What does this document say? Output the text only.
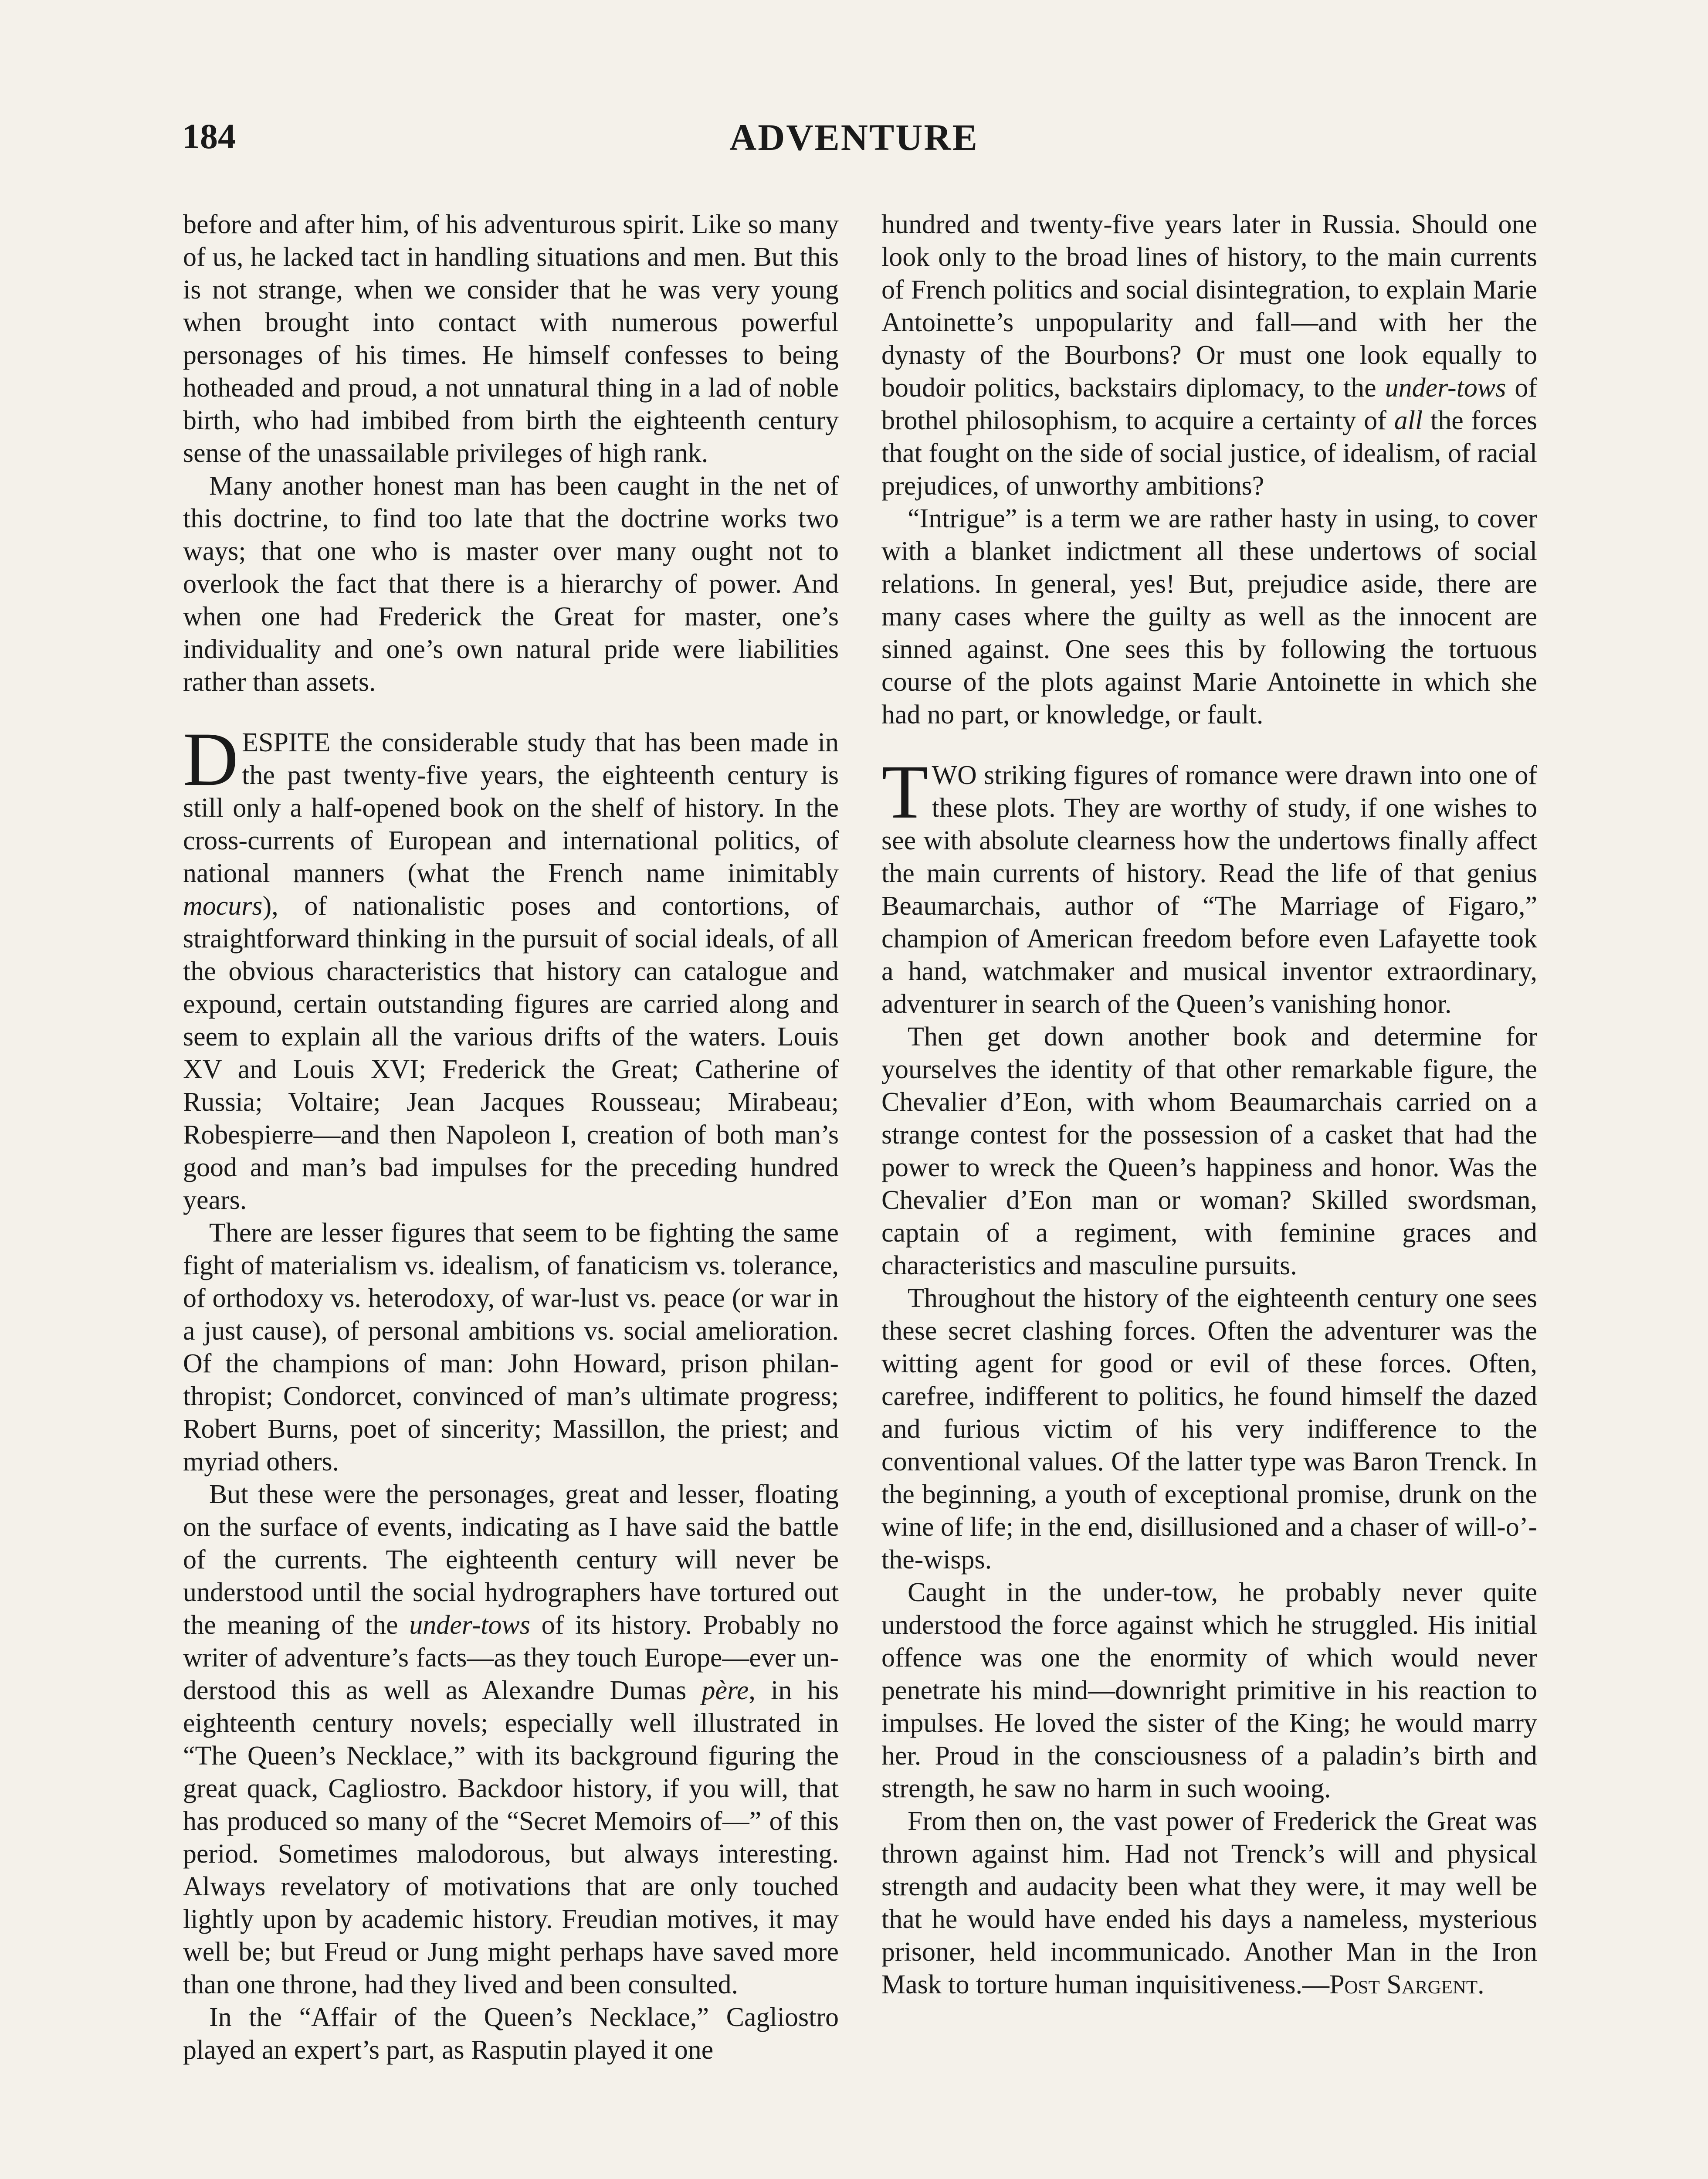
184	ADVENTURE

before and after him, of his adventurous spirit. Like so many of us, he lacked tact in handling situations and men. But this is not strange, when we consider that he was very young when brought into contact with numerous powerful personages of his times. He himself confesses to being hotheaded and proud, a not unnatural thing in a lad of noble birth, who had imbibed from birth the eighteenth century sense of the unassailable privileges of high rank.

Many another honest man has been caught in the net of this doctrine, to find too late that the doctrine works two ways; that one who is master over many ought not to overlook the fact that there is a hierarchy of power. And when one had Frederick the Great for master, one’s individuality and one’s own natural pride were liabilities rather than assets.

DESPITE the considerable study that has been made in the past twenty-five years, the eighteenth century is still only a half-opened book on the shelf of history. In the cross-currents of European and international politics, of national manners (what the French name inimitably mocurs), of nationalistic poses and contortions, of straightforward thinking in the pursuit of social ideals, of all the obvious characteristics that history can catalogue and expound, certain outstanding figures are carried along and seem to explain all the various drifts of the waters. Louis XV and Louis XVI; Frederick the Great; Catherine of Russia; Voltaire; Jean Jacques Rousseau; Mirabeau; Robespierre—and then Napoleon I, creation of both man’s good and man’s bad impulses for the preceding hundred years.

There are lesser figures that seem to be fighting the same fight of materialism vs. idealism, of fanaticism vs. tolerance, of orthodoxy vs. heterodoxy, of war-lust vs. peace (or war in a just cause), of personal ambitions vs. social amelioration. Of the champions of man: John Howard, prison philanthropist; Condorcet, convinced of man’s ultimate progress; Robert Burns, poet of sincerity; Massillon, the priest; and myriad others.

But these were the personages, great and lesser, floating on the surface of events, indicating as I have said the battle of the currents. The eighteenth century will never be understood until the social hydrographers have tortured out the meaning of the under-tows of its history. Probably no writer of adventure’s facts—as they touch Europe—ever understood this as well as Alexandre Dumas père, in his eighteenth century novels; especially well illustrated in “The Queen’s Necklace,” with its background figuring the great quack, Cagliostro. Backdoor history, if you will, that has produced so many of the “Secret Memoirs of—” of this period. Sometimes malodorous, but always interesting. Always revelatory of motivations that are only touched lightly upon by academic history. Freudian motives, it may well be; but Freud or Jung might perhaps have saved more than one throne, had they lived and been consulted.

In the “Affair of the Queen’s Necklace,” Cagliostro played an expert’s part, as Rasputin played it one

hundred and twenty-five years later in Russia. Should one look only to the broad lines of history, to the main currents of French politics and social disintegration, to explain Marie Antoinette’s unpopularity and fall—and with her the dynasty of the Bourbons? Or must one look equally to boudoir politics, backstairs diplomacy, to the under-tows of brothel philosophism, to acquire a certainty of all the forces that fought on the side of social justice, of idealism, of racial prejudices, of unworthy ambitions?

“Intrigue” is a term we are rather hasty in using, to cover with a blanket indictment all these undertows of social relations. In general, yes! But, prejudice aside, there are many cases where the guilty as well as the innocent are sinned against. One sees this by following the tortuous course of the plots against Marie Antoinette in which she had no part, or knowledge, or fault.

TWO striking figures of romance were drawn into one of these plots. They are worthy of study, if one wishes to see with absolute clearness how the undertows finally affect the main currents of history. Read the life of that genius Beaumarchais, author of “The Marriage of Figaro,” champion of American freedom before even Lafayette took a hand, watchmaker and musical inventor extraordinary, adventurer in search of the Queen’s vanishing honor.

Then get down another book and determine for yourselves the identity of that other remarkable figure, the Chevalier d’Eon, with whom Beaumarchais carried on a strange contest for the possession of a casket that had the power to wreck the Queen’s happiness and honor. Was the Chevalier d’Eon man or woman? Skilled swordsman, captain of a regiment, with feminine graces and characteristics and masculine pursuits.

Throughout the history of the eighteenth century one sees these secret clashing forces. Often the adventurer was the witting agent for good or evil of these forces. Often, carefree, indifferent to politics, he found himself the dazed and furious victim of his very indifference to the conventional values. Of the latter type was Baron Trenck. In the beginning, a youth of exceptional promise, drunk on the wine of life; in the end, disillusioned and a chaser of will-o’-the-wisps.

Caught in the under-tow, he probably never quite understood the force against which he struggled. His initial offence was one the enormity of which would never penetrate his mind—downright primitive in his reaction to impulses. He loved the sister of the King; he would marry her. Proud in the consciousness of a paladin’s birth and strength, he saw no harm in such wooing.

From then on, the vast power of Frederick the Great was thrown against him. Had not Trenck’s will and physical strength and audacity been what they were, it may well be that he would have ended his days a nameless, mysterious prisoner, held incommunicado. Another Man in the Iron Mask to torture human inquisitiveness.—Post Sargent.
